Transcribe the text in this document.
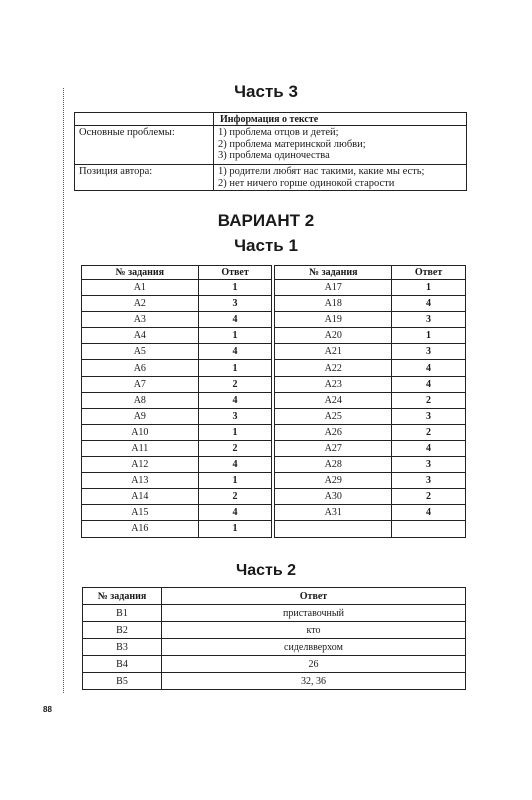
Часть 3
	Информация о тексте
Основные проблемы:	1) проблема отцов и детей;
2) проблема материнской любви;
3) проблема одиночества

Позиция автора:	1) родители любят нас такими, какие мы есть;
2) нет ничего горше одинокой старости
ВАРИАНТ 2
Часть 1
№ задания	Ответ		№ задания	Ответ
А1	1		А17	1
А2	3		А18	4
А3	4		А19	3
А4	1		А20	1
А5	4		А21	3
А6	1		А22	4
А7	2		А23	4
А8	4		А24	2
А9	3		А25	3
А10	1		А26	2
А11	2		А27	4
А12	4		А28	3
А13	1		А29	3
А14	2		А30	2
А15	4		А31	4
А16	1			
Часть 2
№ задания	Ответ
В1	приставочный
В2	кто
В3	сиделвверхом
В4	26
В5	32, 36
88
